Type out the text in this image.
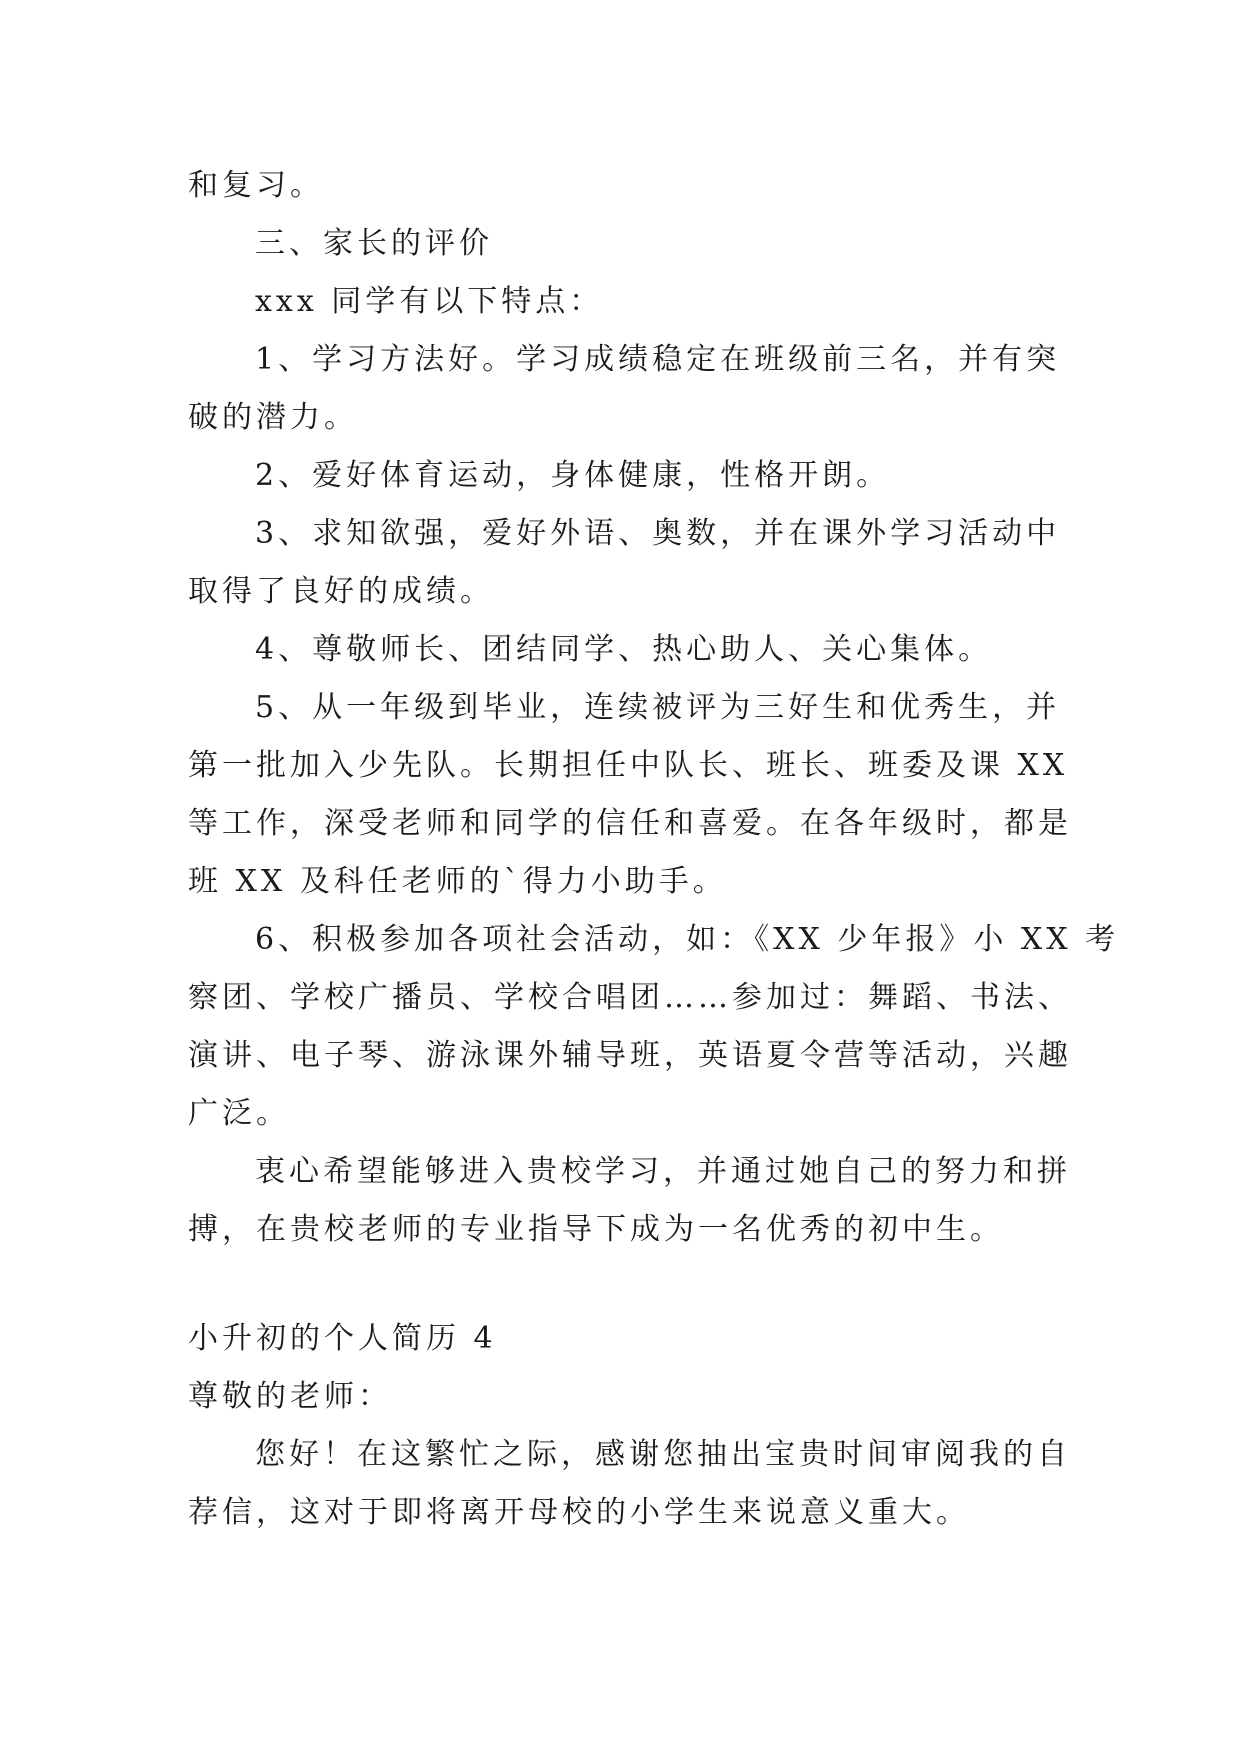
和复习。
三、家长的评价
xxx 同学有以下特点：
1、学习方法好。学习成绩稳定在班级前三名，并有突
破的潜力。
2、爱好体育运动，身体健康，性格开朗。
3、求知欲强，爱好外语、奥数，并在课外学习活动中
取得了良好的成绩。
4、尊敬师长、团结同学、热心助人、关心集体。
5、从一年级到毕业，连续被评为三好生和优秀生，并
第一批加入少先队。长期担任中队长、班长、班委及课 XX
等工作，深受老师和同学的信任和喜爱。在各年级时，都是
班 XX 及科任老师的`得力小助手。
6、积极参加各项社会活动，如：《XX 少年报》小 XX 考
察团、学校广播员、学校合唱团……参加过：舞蹈、书法、
演讲、电子琴、游泳课外辅导班，英语夏令营等活动，兴趣
广泛。
衷心希望能够进入贵校学习，并通过她自己的努力和拼
搏，在贵校老师的专业指导下成为一名优秀的初中生。
小升初的个人简历 4
尊敬的老师：
您好！在这繁忙之际，感谢您抽出宝贵时间审阅我的自
荐信，这对于即将离开母校的小学生来说意义重大。
